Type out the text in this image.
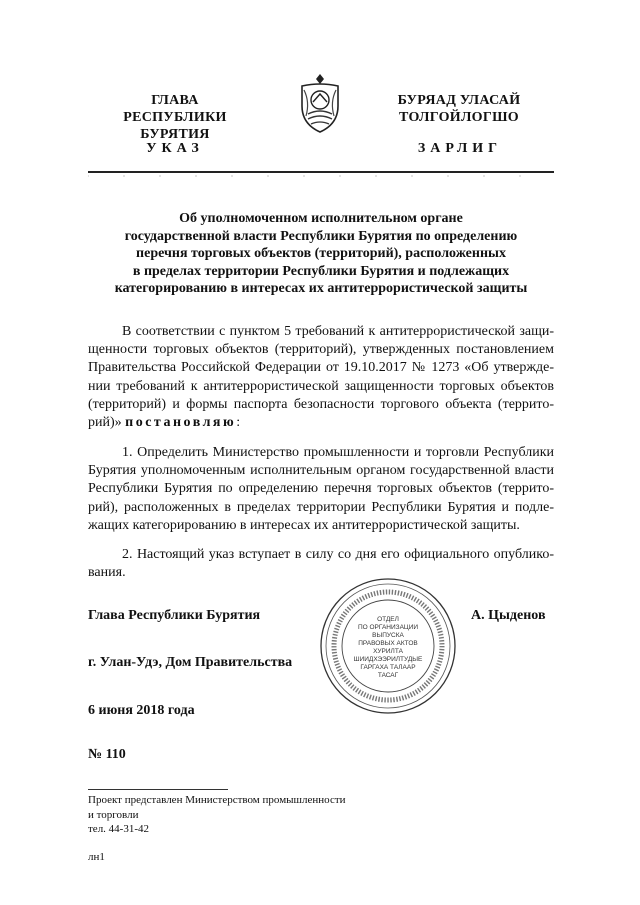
ГЛАВА
РЕСПУБЛИКИ БУРЯТИЯ
БУРЯАД УЛАСАЙ
ТОЛГОЙЛОГШО
УКАЗ	ЗАРЛИГ
Об уполномоченном исполнительном органе
государственной власти Республики Бурятия по определению
перечня торговых объектов (территорий), расположенных
в пределах территории Республики Бурятия и подлежащих
категорированию в интересах их антитеррористической защиты
В соответствии с пунктом 5 требований к антитеррористической защи-
щенности торговых объектов (территорий), утвержденных постановлением
Правительства Российской Федерации от 19.10.2017 № 1273 «Об утвержде-
нии требований к антитеррористической защищенности торговых объектов
(территорий) и формы паспорта безопасности торгового объекта (террито-
рий)» постановляю:
1. Определить Министерство промышленности и торговли Республики
Бурятия уполномоченным исполнительным органом государственной власти
Республики Бурятия по определению перечня торговых объектов (террито-
рий), расположенных в пределах территории Республики Бурятия и подле-
жащих категорированию в интересах их антитеррористической защиты.
2. Настоящий указ вступает в силу со дня его официального опублико-
вания.
Глава Республики Бурятия	А. Цыденов
г. Улан-Удэ, Дом Правительства
6 июня 2018 года
№ 110
ОТДЕЛ
ПО ОРГАНИЗАЦИИ
ВЫПУСКА
ПРАВОВЫХ АКТОВ
ХУРИЛТА
ШИИДХЭЭРИЛТУДЫЕ
ГАРГАХА ТАЛААР
ТАСАГ
Проект представлен Министерством промышленности
и торговли
тел. 44-31-42
лн1
